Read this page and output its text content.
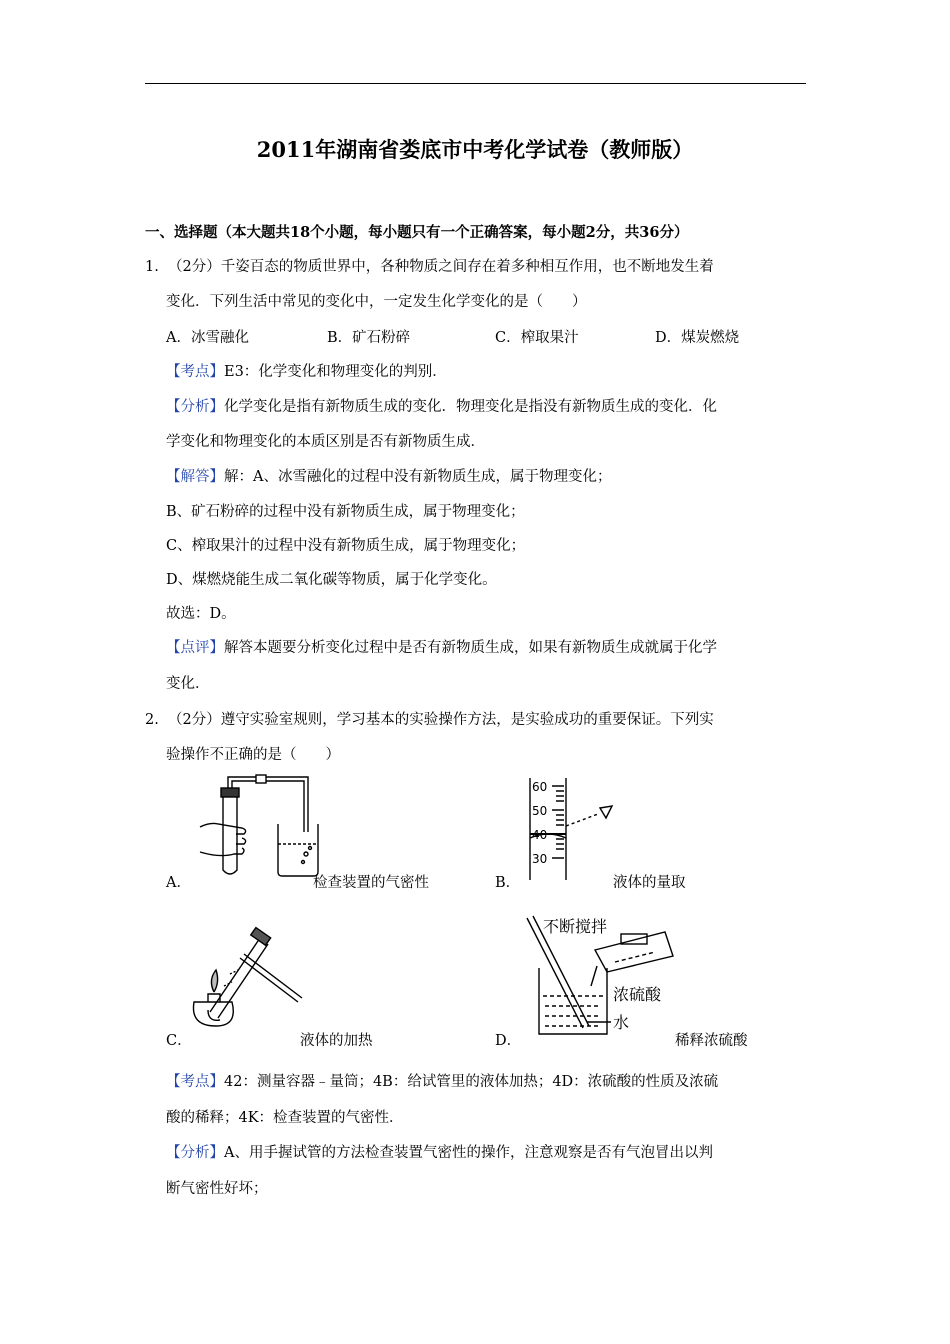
2011年湖南省娄底市中考化学试卷（教师版）
一、选择题（本大题共18个小题，每小题只有一个正确答案，每小题2分，共36分）
1. （2分）千姿百态的物质世界中，各种物质之间存在着多种相互作用，也不断地发生着
变化．下列生活中常见的变化中，一定发生化学变化的是（　　）
A．冰雪融化	B．矿石粉碎	C．榨取果汁	D．煤炭燃烧
【考点】E3：化学变化和物理变化的判别．
【分析】化学变化是指有新物质生成的变化．物理变化是指没有新物质生成的变化．化
学变化和物理变化的本质区别是否有新物质生成．
【解答】解：A、冰雪融化的过程中没有新物质生成，属于物理变化；
B、矿石粉碎的过程中没有新物质生成，属于物理变化；
C、榨取果汁的过程中没有新物质生成，属于物理变化；
D、煤燃烧能生成二氧化碳等物质，属于化学变化。
故选：D。
【点评】解答本题要分析变化过程中是否有新物质生成，如果有新物质生成就属于化学
变化．
2. （2分）遵守实验室规则，学习基本的实验操作方法，是实验成功的重要保证。下列实
验操作不正确的是（　　）
A．	检查装置的气密性
60
50
40
30
B．	液体的量取
C．	液体的加热
不断搅拌
浓硫酸
水
D．	稀释浓硫酸
【考点】42：测量容器﹣量筒；4B：给试管里的液体加热；4D：浓硫酸的性质及浓硫
酸的稀释；4K：检查装置的气密性．
【分析】A、用手握试管的方法检查装置气密性的操作，注意观察是否有气泡冒出以判
断气密性好坏；
